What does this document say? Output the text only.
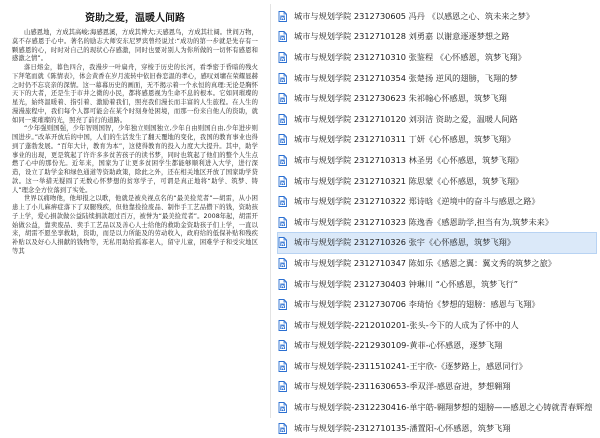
资助之爱，温暖人间路

山感恩地，方成其高峻;海感恩溪，方成其博大;天感恩鸟，方成其壮阔。世间万物，莫不存感恩于心中。著名的励志大师安东尼罗宾曾经说过:“成功的第一步就是先存有一颗感恩的心，时时对自己的现状心存感激，同时也要对别人为你所做的一切怀有感恩和感激之情”。

落日熔金，暮色四合，我漫步一叶扁舟，穿梭于历史的长河，看季密于昏暗的残火下拜笔而就《陈情表》，体会黄香在岁月流转中依旧眷恋温的孝心，感叹刘墉在荣耀显赫之时仍不忘哀亲的深情。这一幕幕历史的画面，无不揭示着一个永恒的真理:无论是胸怀天下的大者，还是生于市井之微的小民，都将感恩视为生命不息的根本。它如同璀璨的星光，始终温暖着、指引着、激励着我们，照亮我们漫长而丰富的人生旅程。在人生的漫漫旅程中，我们每个人都可能会在某个时刻身处困境，而那一份来自他人的资助，就如同一束璀璨的光，照亮了前行的道路。

“少年强则国强，少年智则国智，少年独立则国独立,少年自由则国自由,少年进步则国进步。”改革开放后的中国，人们的生活发生了翻天覆地的变化，我国的教育事业也得到了蓬勃发展。“百年大计，教育为本”，这使得教育的投入力度大大提升。其中，助学事业的出现，更是筑起了许许多多贫苦孩子的读书梦，同时也筑起了他们的整个人生点燃了心中的那份光。近年来，国家为了让更多贫困学生都能够顺利进入大学，进行深造，设立了助学金和绿色通道等资助政策，除此之外，还在相关地区开放了国家助学贷款。这一举措无疑圆了无数心怀梦想的贫寒学子，可谓是真正地将“助学、筑梦、铸人”理念全方位落到了实处。

世界以痛吻他，他却报之以歌，他就是被央视点名的“最美捡荒者”—胡雷，从小困患上了小儿麻痹症落下了双腿残疾，但他靠捡捡废品、制作手工艺品攒下的钱，资助孩子上学，爱心捐款做公益陆续捐款超过百万，被誉为“最美捡荒者”。2008年起，胡雷开始做公益，靠卖废品、卖手工艺品以及善心人士给他的救助金资助孩子们上学，一直以来，胡雷不愿坐享救助，资助，而是以力所能及的劳动收入，政府给的低保补贴和残疾补贴以及好心人捐献的钱物等，无私用助给孤寡老人，留守儿童，困难学子和受灾地区等其

城市与规划学院 2312730605 冯丹 《以感恩之心、筑未来之梦》
城市与规划学院 2312710128 刘勇嘉 以谢意逐逐梦想之路
城市与规划学院 2312710310 张鉴程 《心怀感恩，筑梦飞翔》
城市与规划学院 2312710354 张楚扬 逆风的翅膀，飞翔的梦
城市与规划学院 2312730623 朱祁翰心怀感恩，筑梦飞翔
城市与规划学院 2312710120 刘羽洁 资助之爱，温暖人间路
城市与规划学院 2312710311 丁妍《心怀感恩，筑梦飞翔》
城市与规划学院 2312710313 林圣男《心怀感恩，筑梦飞翔》
城市与规划学院 2312710321 陈思蒙《心怀感恩，筑梦飞翔》
城市与规划学院 2312710322 郑诗晗《逆境中的奋斗与感恩之路》
城市与规划学院 2312710323 陈逸香《感恩助学,担当有为,筑梦未来》
城市与规划学院 2312710326 张宇《心怀感恩，筑梦飞翔》
城市与规划学院 2312710347 陈如乐《感恩之翼：翼文秀的筑梦之旅》
城市与规划学院 2312730403 钟琳川 “心怀感恩，筑梦飞行”
城市与规划学院 2312730706 李琦怡《梦想的翅膀：感恩与飞翔》
城市与规划学院-2212010201-张头-今下的人成为了怀中的人
城市与规划学院-2212930109-黄菲-心怀感恩，逐梦飞翔
城市与规划学院-2311510241-王宇欣-《逐梦路上，感恩同行》
城市与规划学院-2311630653-季双洋-感恩奋进，梦想翱翔
城市与规划学院-2312230416-单宇皓-翱翔梦想的翅膀——感恩之心铸就青春辉煌
城市与规划学院-2312710135-潘置阳-心怀感恩，筑梦飞翔
